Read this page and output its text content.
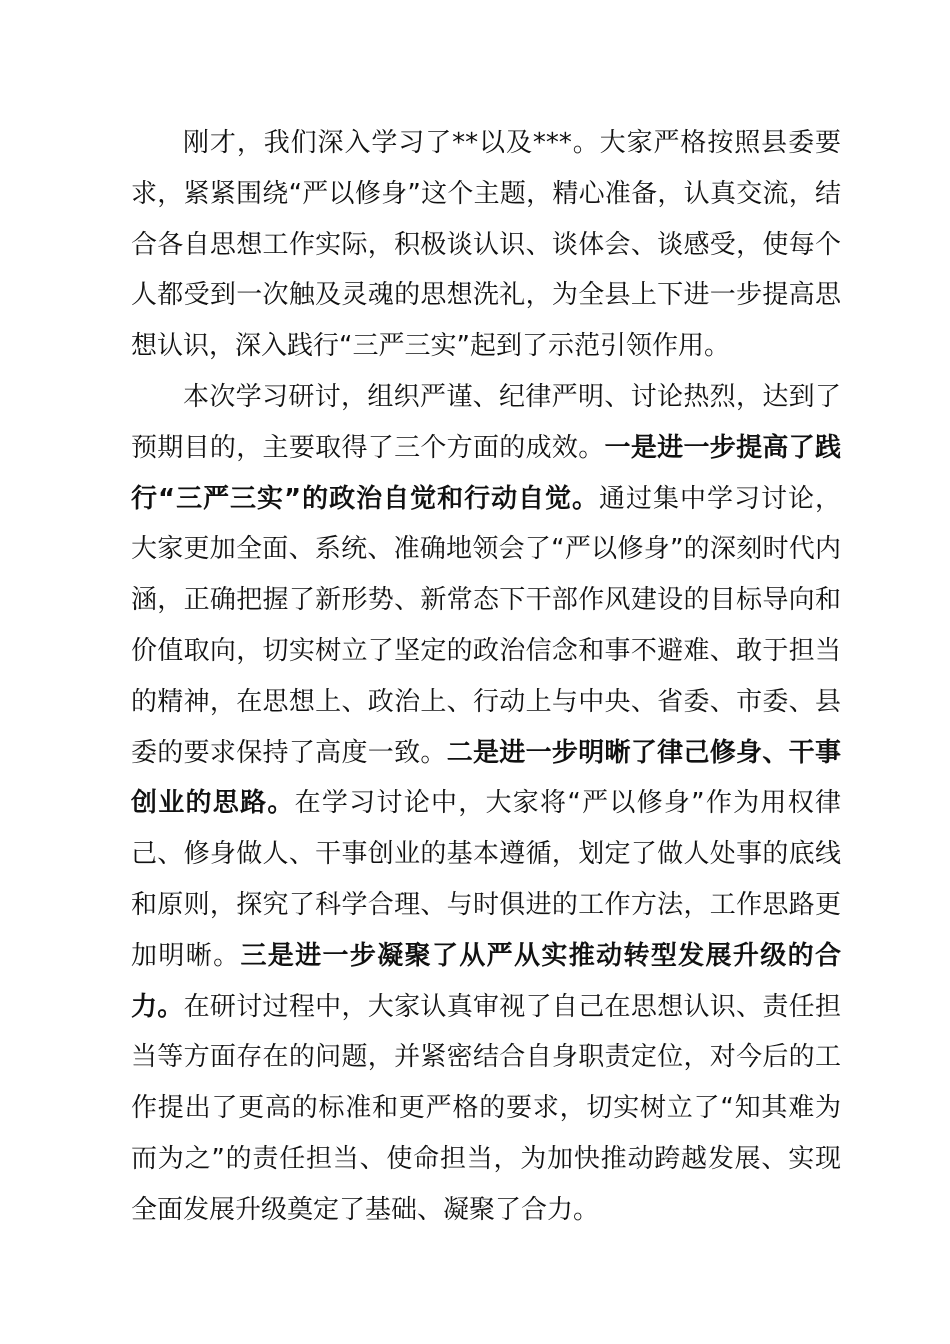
刚才，我们深入学习了**以及***。大家严格按照县委要求，紧紧围绕“严以修身”这个主题，精心准备，认真交流，结合各自思想工作实际，积极谈认识、谈体会、谈感受，使每个人都受到一次触及灵魂的思想洗礼，为全县上下进一步提高思想认识，深入践行“三严三实”起到了示范引领作用。

本次学习研讨，组织严谨、纪律严明、讨论热烈，达到了预期目的，主要取得了三个方面的成效。一是进一步提高了践行“三严三实”的政治自觉和行动自觉。通过集中学习讨论，大家更加全面、系统、准确地领会了“严以修身”的深刻时代内涵，正确把握了新形势、新常态下干部作风建设的目标导向和价值取向，切实树立了坚定的政治信念和事不避难、敢于担当的精神，在思想上、政治上、行动上与中央、省委、市委、县委的要求保持了高度一致。二是进一步明晰了律己修身、干事创业的思路。在学习讨论中，大家将“严以修身”作为用权律己、修身做人、干事创业的基本遵循，划定了做人处事的底线和原则，探究了科学合理、与时俱进的工作方法，工作思路更加明晰。三是进一步凝聚了从严从实推动转型发展升级的合力。在研讨过程中，大家认真审视了自己在思想认识、责任担当等方面存在的问题，并紧密结合自身职责定位，对今后的工作提出了更高的标准和更严格的要求，切实树立了“知其难为而为之”的责任担当、使命担当，为加快推动跨越发展、实现全面发展升级奠定了基础、凝聚了合力。
